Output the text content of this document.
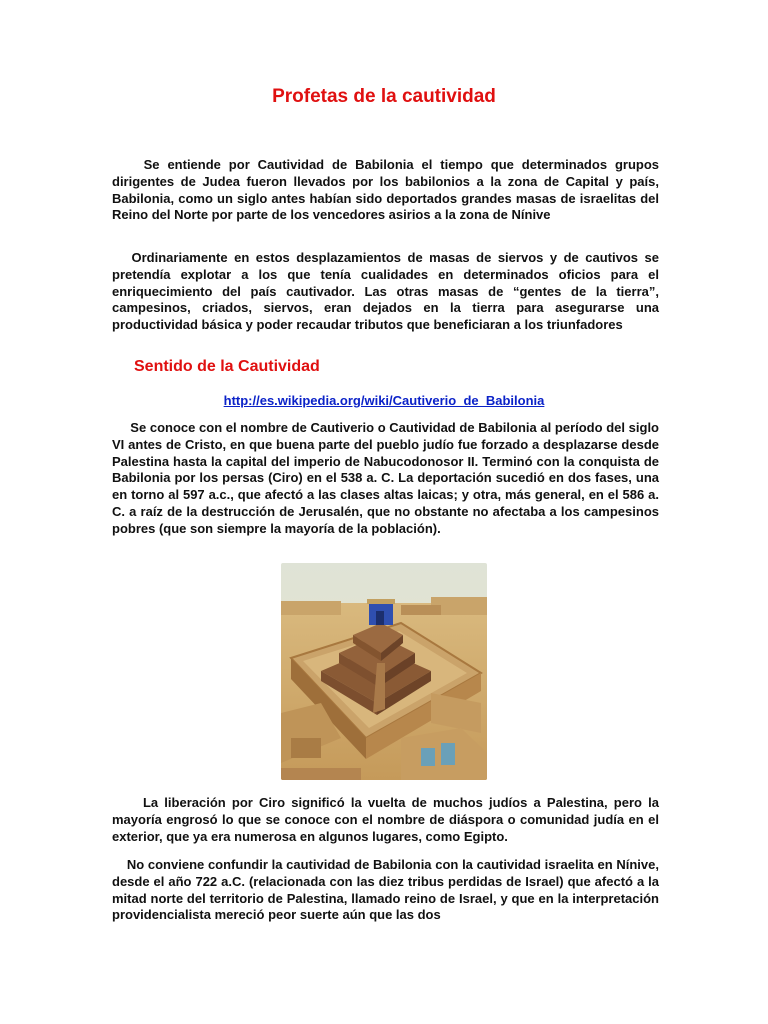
Profetas de la cautividad

Se entiende por Cautividad de Babilonia el tiempo que determinados grupos dirigentes de Judea fueron llevados por los babilonios a la zona de Capital y país, Babilonia, como un siglo antes habían sido deportados grandes masas de israelitas del Reino del Norte por parte de los vencedores asirios a la zona de Nínive

Ordinariamente en estos desplazamientos de masas de siervos y de cautivos se pretendía explotar a los que tenía cualidades en determinados oficios para el enriquecimiento del país cautivador. Las otras masas de “gentes de la tierra”, campesinos, criados, siervos, eran dejados en la tierra para asegurarse una productividad básica y poder recaudar tributos que beneficiaran a los triunfadores

Sentido de la Cautividad
http://es.wikipedia.org/wiki/Cautiverio_de_Babilonia

Se conoce con el nombre de Cautiverio o Cautividad de Babilonia al período del siglo VI antes de Cristo, en que buena parte del pueblo judío fue forzado a desplazarse desde Palestina hasta la capital del imperio de Nabucodonosor II. Terminó con la conquista de Babilonia por los persas (Ciro) en el 538 a. C. La deportación sucedió en dos fases, una en torno al 597 a.c., que afectó a las clases altas laicas; y otra, más general, en el 586 a. C. a raíz de la destrucción de Jerusalén, que no obstante no afectaba a los campesinos pobres (que son siempre la mayoría de la población).

La liberación por Ciro significó la vuelta de muchos judíos a Palestina, pero la mayoría engrosó lo que se conoce con el nombre de diáspora o comunidad judía en el exterior, que ya era numerosa en algunos lugares, como Egipto.

No conviene confundir la cautividad de Babilonia con la cautividad israelita en Nínive, desde el año 722 a.C. (relacionada con las diez tribus perdidas de Israel) que afectó a la mitad norte del territorio de Palestina, llamado reino de Israel, y que en la interpretación providencialista mereció peor suerte aún que las dos
